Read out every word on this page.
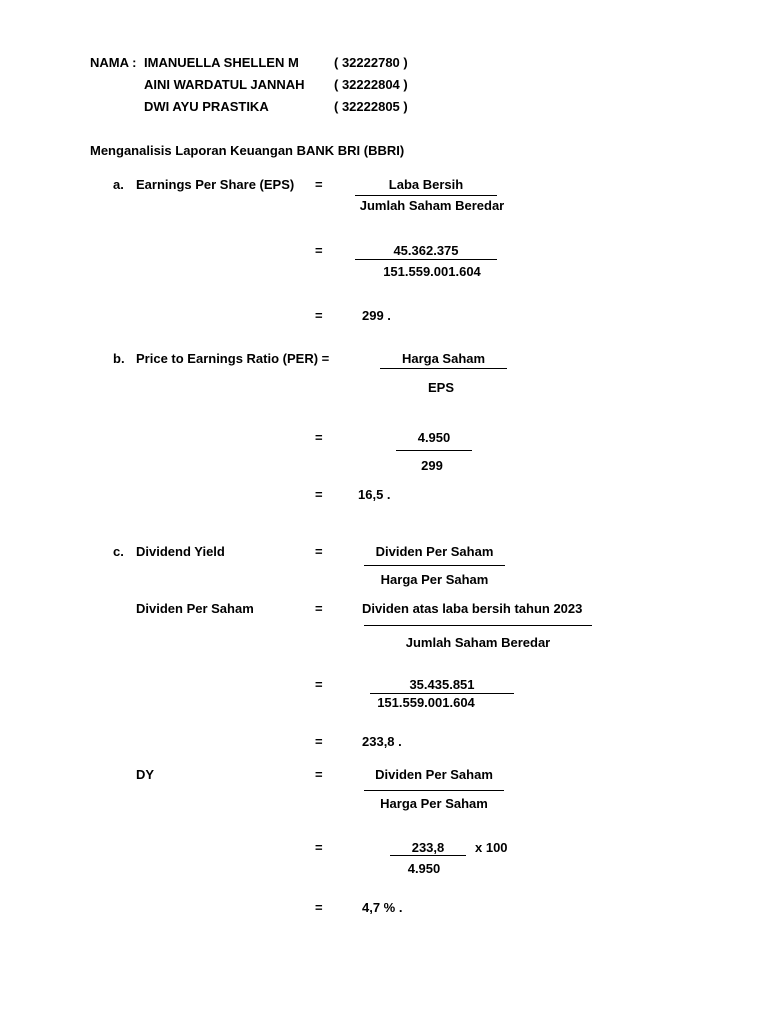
NAMA : IMANUELLA SHELLEN M	( 32222780 )
AINI WARDATUL JANNAH ( 32222804 )
DWI AYU PRASTIKA	( 32222805 )
Menganalisis Laporan Keuangan BANK BRI (BBRI)
a. Earnings Per Share (EPS) =	Laba Bersih
Jumlah Saham Beredar
=	45.362.375
151.559.001.604
=	299 .
b. Price to Earnings Ratio (PER) =	Harga Saham
EPS
=	4.950
299
=	16,5 .
c. Dividend Yield	=	Dividen Per Saham
Harga Per Saham
Dividen Per Saham	=	Dividen atas laba bersih tahun 2023
Jumlah Saham Beredar
=	35.435.851
151.559.001.604
=	233,8 .
DY	=	Dividen Per Saham
Harga Per Saham
=	233,8	x 100
4.950
=	4,7 % .
